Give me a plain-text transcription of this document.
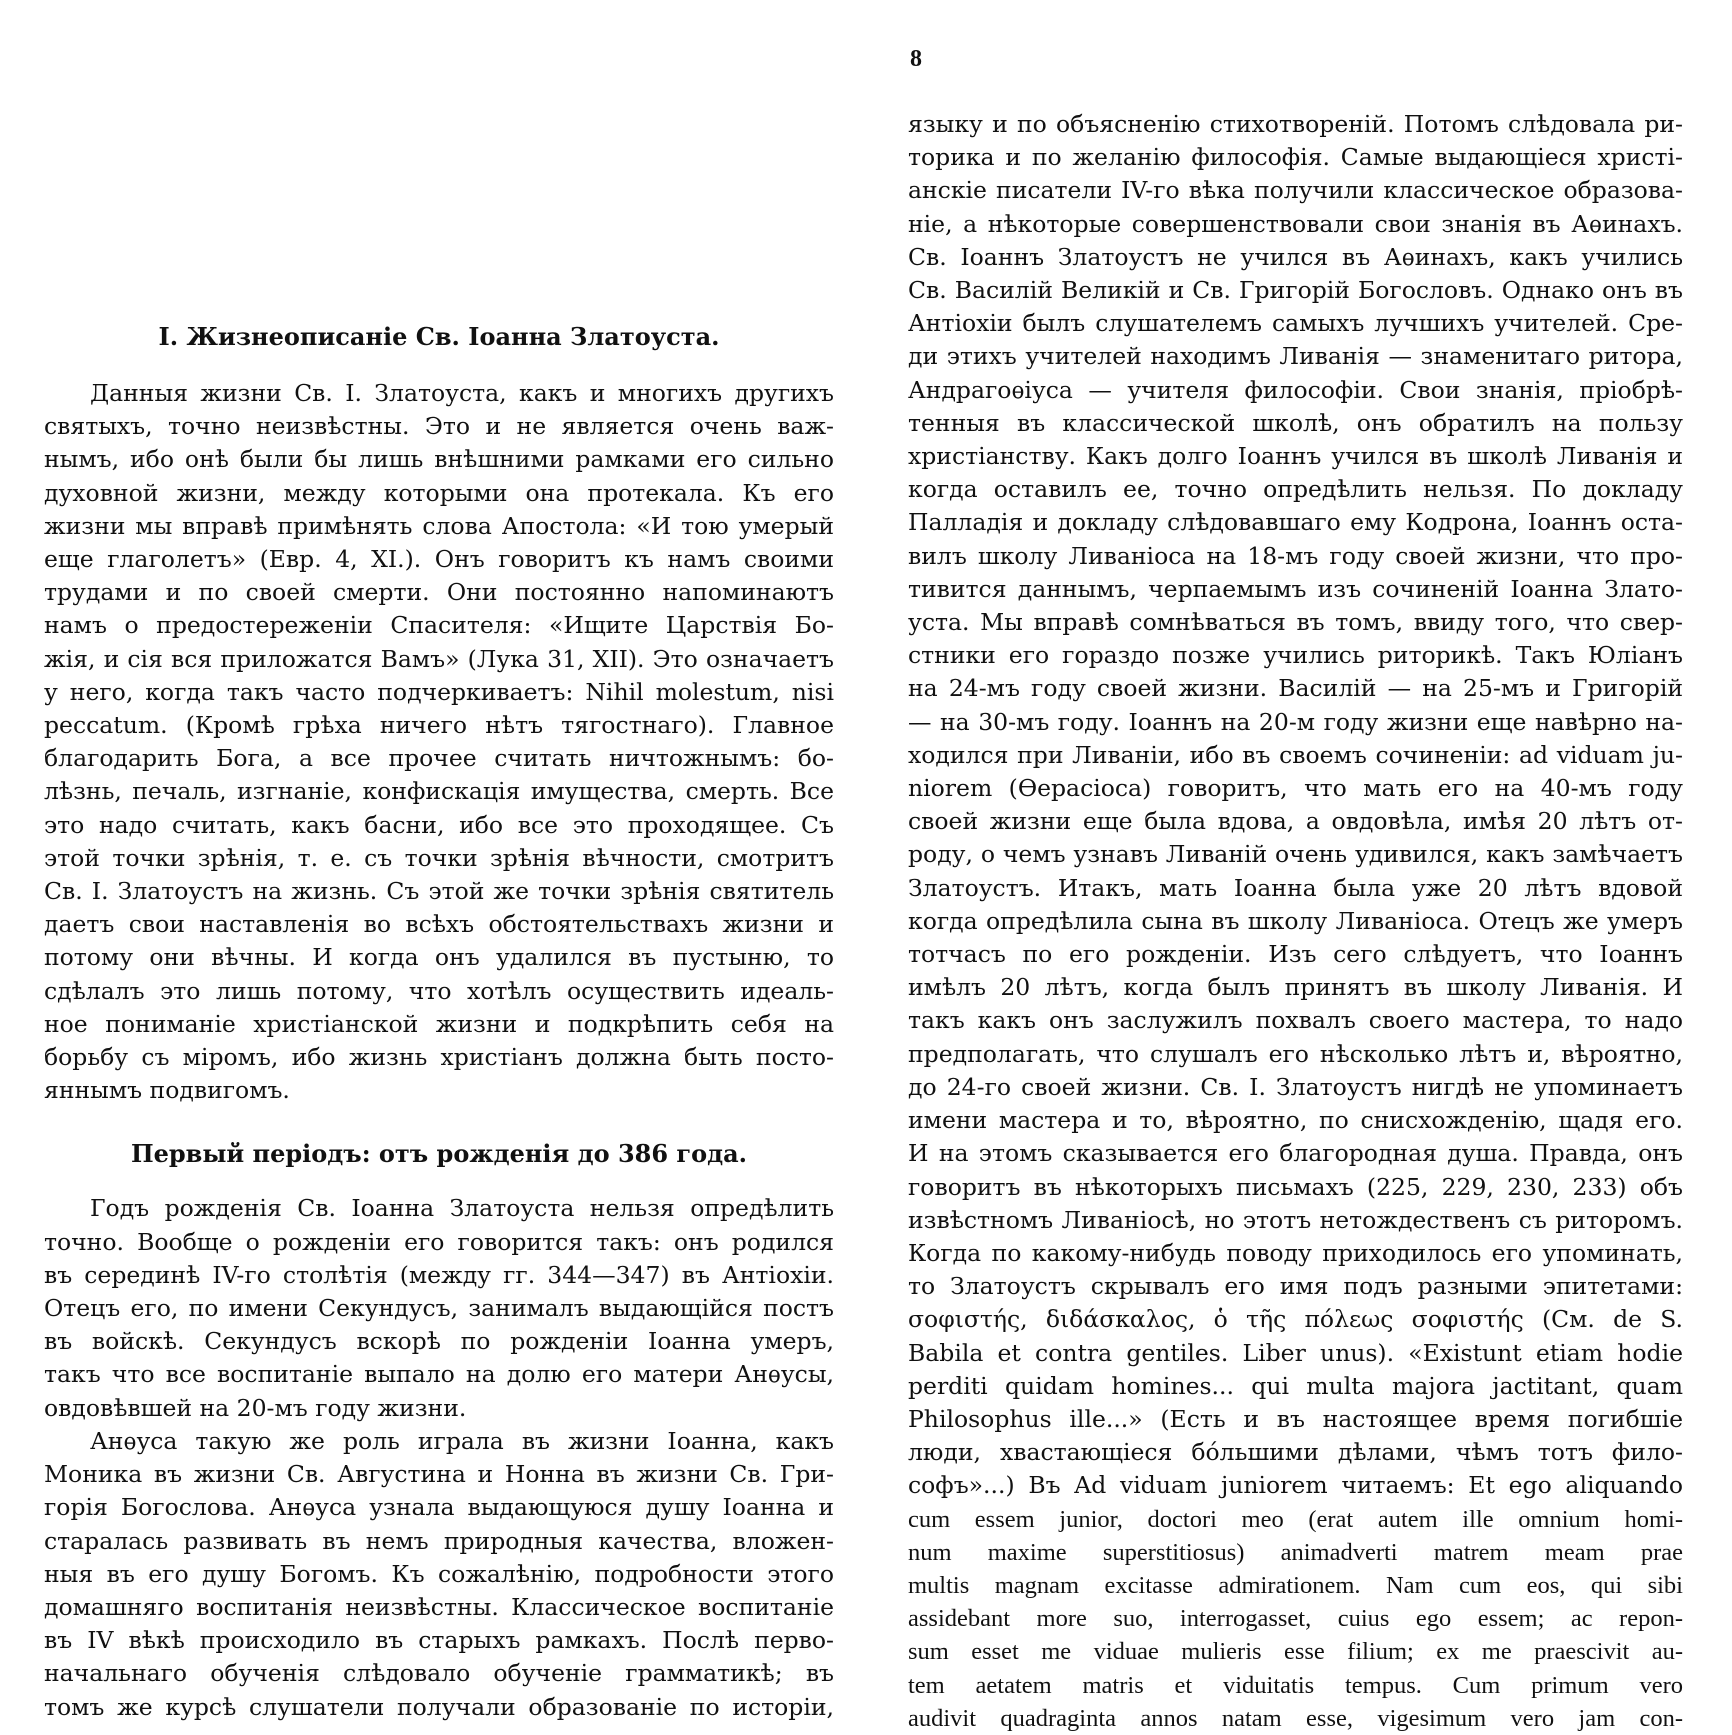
8
I. Жизнеописаніе Св. Іоанна Златоуста.
Данныя жизни Св. І. Златоуста, какъ и многихъ другихъ
святыхъ, точно неизвѣстны. Это и не является очень важ-
нымъ, ибо онѣ были бы лишь внѣшними рамками его сильно
духовной жизни, между которыми она протекала. Къ его
жизни мы вправѣ примѣнять слова Апостола: «И тою умерый
еще глаголетъ» (Евр. 4, XI.). Онъ говоритъ къ намъ своими
трудами и по своей смерти. Они постоянно напоминаютъ
намъ о предостереженіи Спасителя: «Ищите Царствія Бо-
жія, и сія вся приложатся Вамъ» (Лука 31, XII). Это означаетъ
у него, когда такъ часто подчеркиваетъ: Nihil molestum, nisi
peccatum. (Кромѣ грѣха ничего нѣтъ тягостнаго). Главное
благодарить Бога, а все прочее считать ничтожнымъ: бо-
лѣзнь, печаль, изгнаніе, конфискація имущества, смерть. Все
это надо считать, какъ басни, ибо все это проходящее. Съ
этой точки зрѣнія, т. е. съ точки зрѣнія вѣчности, смотритъ
Св. І. Златоустъ на жизнь. Съ этой же точки зрѣнія святитель
даетъ свои наставленія во всѣхъ обстоятельствахъ жизни и
потому они вѣчны. И когда онъ удалился въ пустыню, то
сдѣлалъ это лишь потому, что хотѣлъ осуществить идеаль-
ное пониманіе христіанской жизни и подкрѣпить себя на
борьбу съ міромъ, ибо жизнь христіанъ должна быть посто-
яннымъ подвигомъ.
Первый періодъ: отъ рожденія до 386 года.
Годъ рожденія Св. Іоанна Златоуста нельзя опредѣлить
точно. Вообще о рожденіи его говорится такъ: онъ родился
въ серединѣ IV-го столѣтія (между гг. 344—347) въ Антіохіи.
Отецъ его, по имени Секундусъ, занималъ выдающійся постъ
въ войскѣ. Секундусъ вскорѣ по рожденіи Іоанна умеръ,
такъ что все воспитаніе выпало на долю его матери Анѳусы,
овдовѣвшей на 20-мъ году жизни.
Анѳуса такую же роль играла въ жизни Іоанна, какъ
Моника въ жизни Св. Августина и Нонна въ жизни Св. Гри-
горія Богослова. Анѳуса узнала выдающуюся душу Іоанна и
старалась развивать въ немъ природныя качества, вложен-
ныя въ его душу Богомъ. Къ сожалѣнію, подробности этого
домашняго воспитанія неизвѣстны. Классическое воспитаніе
въ IV вѣкѣ происходило въ старыхъ рамкахъ. Послѣ перво-
начальнаго обученія слѣдовало обученіе грамматикѣ; въ
томъ же курсѣ слушатели получали образованіе по исторіи,
языку и по объясненію стихотвореній. Потомъ слѣдовала ри-
торика и по желанію философія. Самые выдающіеся христі-
анскіе писатели IV-го вѣка получили классическое образова-
ніе, а нѣкоторые совершенствовали свои знанія въ Аѳинахъ.
Св. Іоаннъ Златоустъ не учился въ Аѳинахъ, какъ учились
Св. Василій Великій и Св. Григорій Богословъ. Однако онъ въ
Антіохіи былъ слушателемъ самыхъ лучшихъ учителей. Сре-
ди этихъ учителей находимъ Ливанія — знаменитаго ритора,
Андрагоѳіуса — учителя философіи. Свои знанія, пріобрѣ-
тенныя въ классической школѣ, онъ обратилъ на пользу
христіанству. Какъ долго Іоаннъ учился въ школѣ Ливанія и
когда оставилъ ее, точно опредѣлить нельзя. По докладу
Палладія и докладу слѣдовавшаго ему Кодрона, Іоаннъ оста-
вилъ школу Ливаніоса на 18-мъ году своей жизни, что про-
тивится даннымъ, черпаемымъ изъ сочиненій Іоанна Злато-
уста. Мы вправѣ сомнѣваться въ томъ, ввиду того, что свер-
стники его гораздо позже учились риторикѣ. Такъ Юліанъ
на 24-мъ году своей жизни. Василій — на 25-мъ и Григорій
— на 30-мъ году. Іоаннъ на 20-м году жизни еще навѣрно на-
ходился при Ливаніи, ибо въ своемъ сочиненіи: ad viduam ju-
niorem (Ѳерасіоса) говоритъ, что мать его на 40-мъ году
своей жизни еще была вдова, а овдовѣла, имѣя 20 лѣтъ от-
роду, о чемъ узнавъ Ливаній очень удивился, какъ замѣчаетъ
Златоустъ. Итакъ, мать Іоанна была уже 20 лѣтъ вдовой
когда опредѣлила сына въ школу Ливаніоса. Отецъ же умеръ
тотчасъ по его рожденіи. Изъ сего слѣдуетъ, что Іоаннъ
имѣлъ 20 лѣтъ, когда былъ принятъ въ школу Ливанія. И
такъ какъ онъ заслужилъ похвалъ своего мастера, то надо
предполагать, что слушалъ его нѣсколько лѣтъ и, вѣроятно,
до 24-го своей жизни. Св. І. Златоустъ нигдѣ не упоминаетъ
имени мастера и то, вѣроятно, по снисхожденію, щадя его.
И на этомъ сказывается его благородная душа. Правда, онъ
говоритъ въ нѣкоторыхъ письмахъ (225, 229, 230, 233) объ
извѣстномъ Ливаніосѣ, но этотъ нетождественъ съ риторомъ.
Когда по какому-нибудь поводу приходилось его упоминать,
то Златоустъ скрывалъ его имя подъ разными эпитетами:
σοφιστής, διδάσκαλος, ὁ τῆς πόλεως σοφιστής (См. de S.
Babila et contra gentiles. Liber unus). «Existunt etiam hodie
perditi quidam homines... qui multa majora jactitant, quam
Philosophus ille...» (Есть и въ настоящее время погибшіе
люди, хвастающіеся бóльшими дѣлами, чѣмъ тотъ фило-
софъ»...) Въ Ad viduam juniorem читаемъ: Et ego aliquando
cum essem junior, doctori meo (erat autem ille omnium homi-
num maxime superstitiosus) animadverti matrem meam prae
multis magnam excitasse admirationem. Nam cum eos, qui sibi
assidebant more suo, interrogasset, cuius ego essem; ac repon-
sum esset me viduae mulieris esse filium; ex me praescivit au-
tem aetatem matris et viduitatis tempus. Cum primum vero
audivit quadraginta annos natam esse, vigesimum vero jam con-
